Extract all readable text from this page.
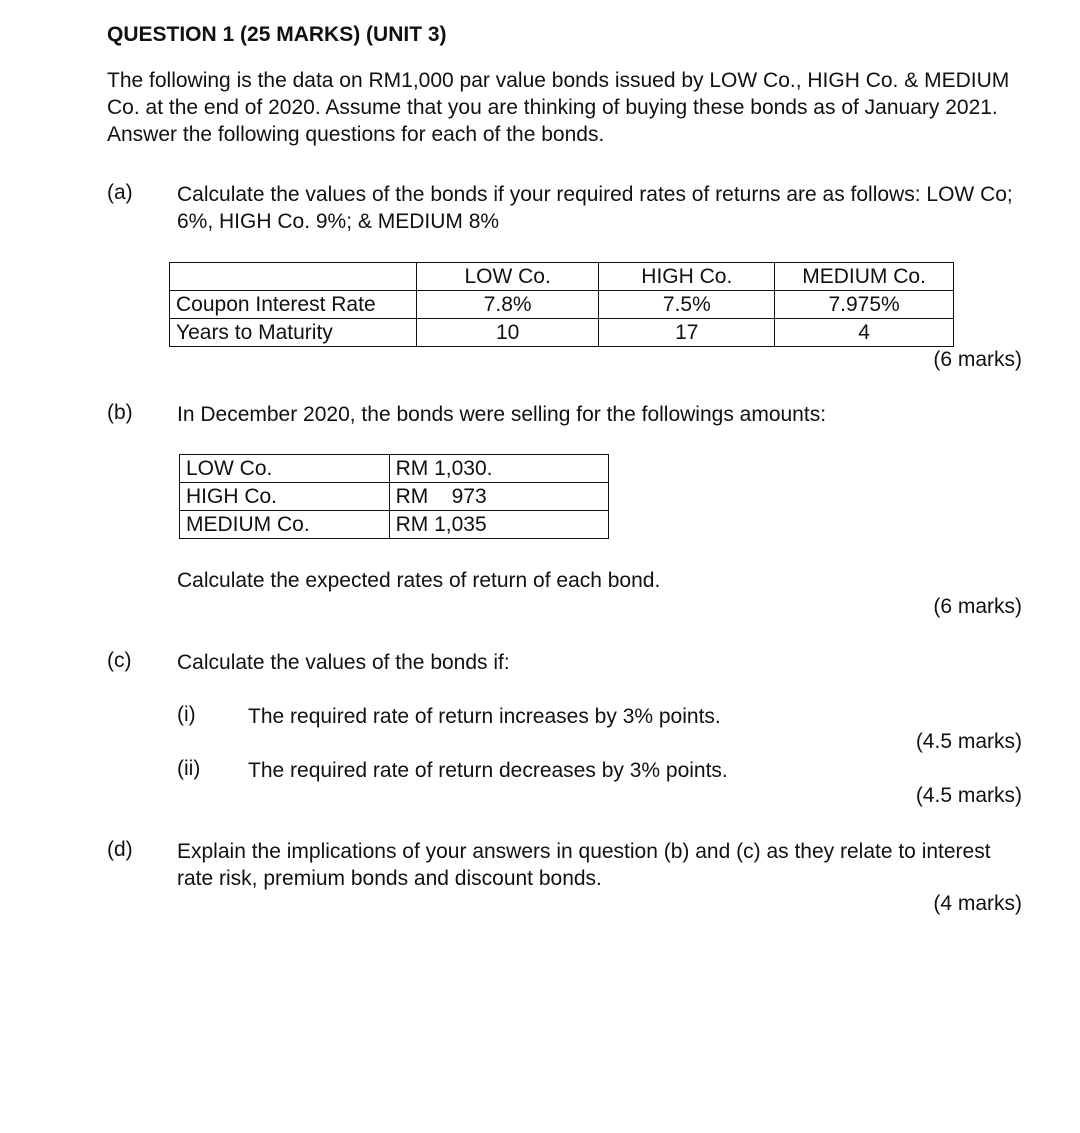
QUESTION 1 (25 MARKS) (UNIT 3)
The following is the data on RM1,000 par value bonds issued by LOW Co., HIGH Co. & MEDIUM Co. at the end of 2020. Assume that you are thinking of buying these bonds as of January 2021. Answer the following questions for each of the bonds.
(a) Calculate the values of the bonds if your required rates of returns are as follows: LOW Co; 6%, HIGH Co. 9%; & MEDIUM 8%
	LOW Co.	HIGH Co.	MEDIUM Co.
Coupon Interest Rate	7.8%	7.5%	7.975%
Years to Maturity	10	17	4
(6 marks)
(b) In December 2020, the bonds were selling for the followings amounts:
LOW Co.	RM 1,030.
HIGH Co.	RM    973
MEDIUM Co.	RM 1,035
Calculate the expected rates of return of each bond.
(6 marks)
(c) Calculate the values of the bonds if:
(i) The required rate of return increases by 3% points.
(4.5 marks)
(ii) The required rate of return decreases by 3% points.
(4.5 marks)
(d) Explain the implications of your answers in question (b) and (c) as they relate to interest rate risk, premium bonds and discount bonds.
(4 marks)
